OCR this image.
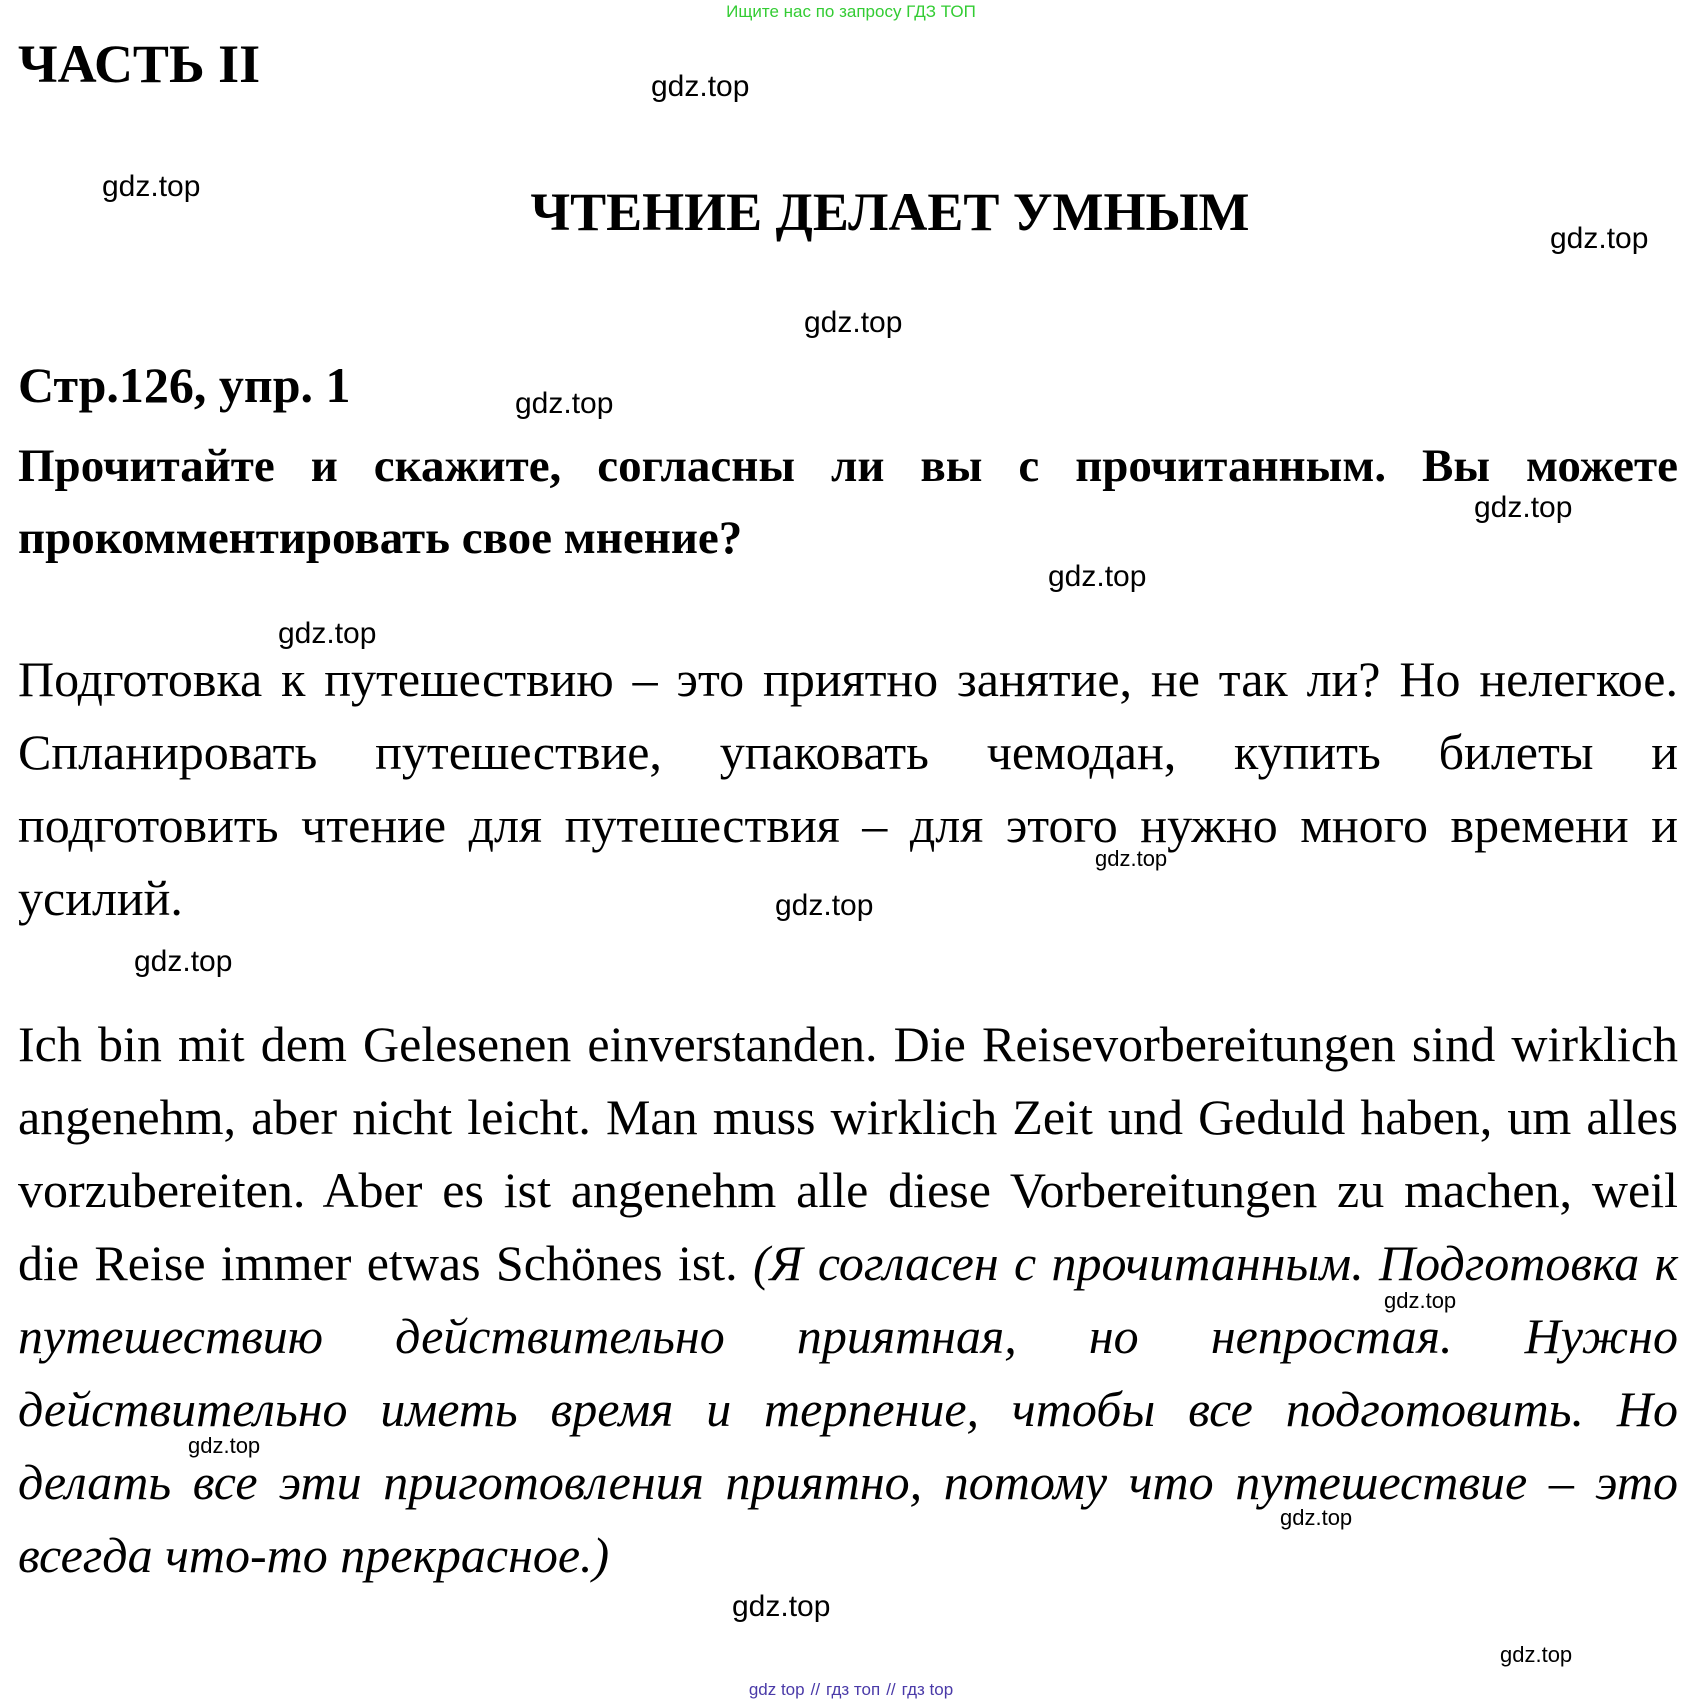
Ищите нас по запросу ГДЗ ТОП
ЧАСТЬ II
ЧТЕНИЕ ДЕЛАЕТ УМНЫМ
Стр.126, упр. 1

Прочитайте и скажите, согласны ли вы с прочитанным. Вы можете прокомментировать свое мнение?

Подготовка к путешествию – это приятно занятие, не так ли? Но нелегкое. Спланировать путешествие, упаковать чемодан, купить билеты и подготовить чтение для путешествия – для этого нужно много времени и усилий.

Ich bin mit dem Gelesenen einverstanden. Die Reisevorbereitungen sind wirklich angenehm, aber nicht leicht. Man muss wirklich Zeit und Geduld haben, um alles vorzubereiten. Aber es ist angenehm alle diese Vorbereitungen zu machen, weil die Reise immer etwas Schönes ist. (Я согласен с прочитанным. Подготовка к путешествию действительно приятная, но непростая. Нужно действительно иметь время и терпение, чтобы все подготовить. Но делать все эти приготовления приятно, потому что путешествие – это всегда что-то прекрасное.)

gdz.top
gdz.top
gdz.top
gdz.top
gdz.top
gdz.top
gdz.top
gdz.top
gdz.top
gdz.top
gdz.top
gdz.top
gdz.top
gdz.top
gdz.top
gdz.top
gdz top // гдз топ // гдз top
